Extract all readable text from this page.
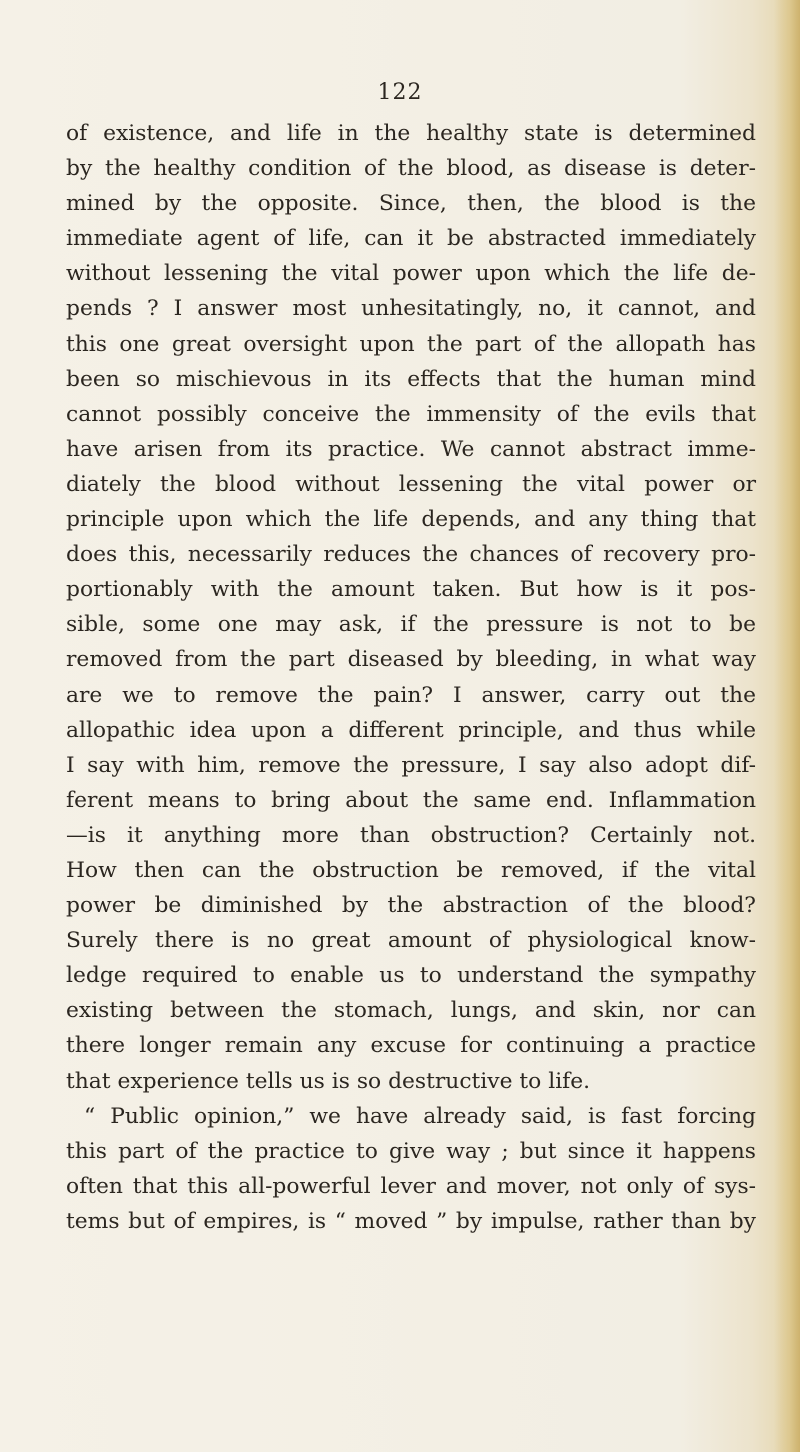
122
of existence, and life in the healthy state is determined
by the healthy condition of the blood, as disease is deter-
mined by the opposite. Since, then, the blood is the
immediate agent of life, can it be abstracted immediately
without lessening the vital power upon which the life de-
pends ? I answer most unhesitatingly, no, it cannot, and
this one great oversight upon the part of the allopath has
been so mischievous in its effects that the human mind
cannot possibly conceive the immensity of the evils that
have arisen from its practice. We cannot abstract imme-
diately the blood without lessening the vital power or
principle upon which the life depends, and any thing that
does this, necessarily reduces the chances of recovery pro-
portionably with the amount taken. But how is it pos-
sible, some one may ask, if the pressure is not to be
removed from the part diseased by bleeding, in what way
are we to remove the pain? I answer, carry out the
allopathic idea upon a different principle, and thus while
I say with him, remove the pressure, I say also adopt dif-
ferent means to bring about the same end. Inflammation
—is it anything more than obstruction? Certainly not.
How then can the obstruction be removed, if the vital
power be diminished by the abstraction of the blood?
Surely there is no great amount of physiological know-
ledge required to enable us to understand the sympathy
existing between the stomach, lungs, and skin, nor can
there longer remain any excuse for continuing a practice
that experience tells us is so destructive to life.
“ Public opinion,” we have already said, is fast forcing
this part of the practice to give way ; but since it happens
often that this all-powerful lever and mover, not only of sys-
tems but of empires, is “ moved ” by impulse, rather than by
